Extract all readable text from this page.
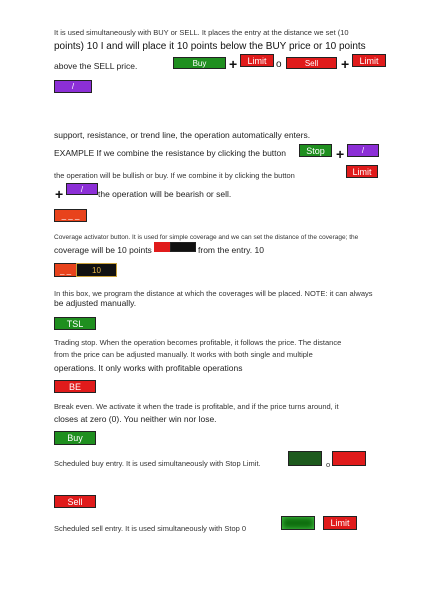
It is used simultaneously with BUY or SELL. It places the entry at the distance we set (10
points) 10 I and will place it 10 points below the BUY price or 10 points
above the SELL price.	Buy	+	Limit o	Sell	+	Limit
/
support, resistance, or trend line, the operation automatically enters.
EXAMPLE If we combine the resistance by clicking the button	Stop +	/
the operation will be bullish or buy. If we combine it by clicking the button	Limit
+	/	the operation will be bearish or sell.
_ _ _
Coverage activator button. It is used for simple coverage and we can set the distance of the coverage; the
coverage will be 10 points	from the entry. 10
_ _	10
In this box, we program the distance at which the coverages will be placed. NOTE: it can always
be adjusted manually.
TSL
Trading stop. When the operation becomes profitable, it follows the price. The distance
from the price can be adjusted manually. It works with both single and multiple
operations. It only works with profitable operations
BE
Break even. We activate it when the trade is profitable, and if the price turns around, it
closes at zero (0). You neither win nor lose.
Buy
Scheduled buy entry. It is used simultaneously with Stop Limit.	o
Sell
Scheduled sell entry. It is used simultaneously with Stop 0
Limit
